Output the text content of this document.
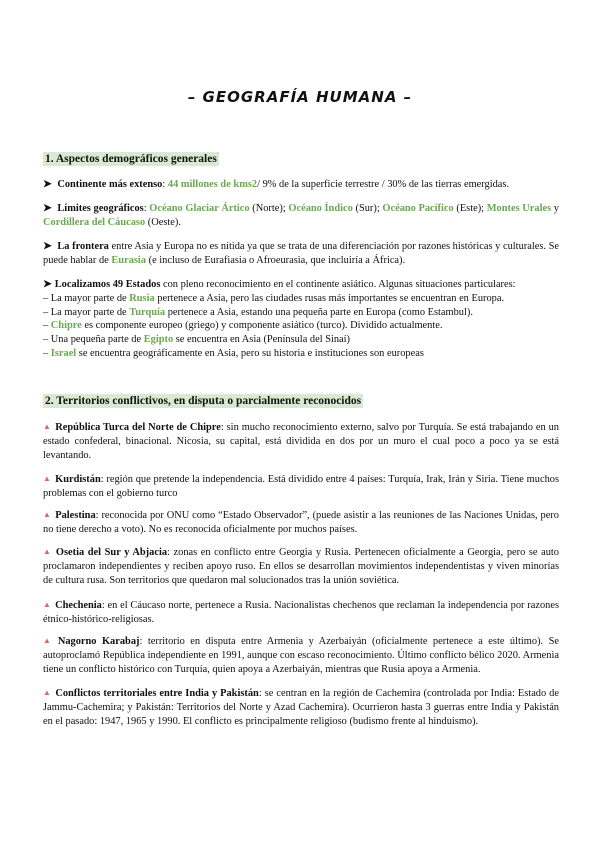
– GEOGRAFÍA HUMANA –
1. Aspectos demográficos generales

➤ Continente más extenso: 44 millones de kms2/ 9% de la superficie terrestre / 30% de las tierras emergidas.

➤ Límites geográficos: Océano Glaciar Ártico (Norte); Océano Índico (Sur); Océano Pacífico (Este); Montes Urales y Cordillera del Cáucaso (Oeste).

➤ La frontera entre Asia y Europa no es nítida ya que se trata de una diferenciación por razones históricas y culturales. Se puede hablar de Eurasia (e incluso de Eurafiasia o Afroeurasia, que incluiría a África).

➤ Localizamos 49 Estados con pleno reconocimiento en el continente asiático. Algunas situaciones particulares:
– La mayor parte de Rusia pertenece a Asia, pero las ciudades rusas más importantes se encuentran en Europa.
– La mayor parte de Turquía pertenece a Asia, estando una pequeña parte en Europa (como Estambul).
– Chipre es componente europeo (griego) y componente asiático (turco). Dividido actualmente.
– Una pequeña parte de Egipto se encuentra en Asia (Península del Sinaí)
– Israel se encuentra geográficamente en Asia, pero su historia e instituciones son europeas
2. Territorios conflictivos, en disputa o parcialmente reconocidos

▲ República Turca del Norte de Chipre: sin mucho reconocimiento externo, salvo por Turquía. Se está trabajando en un estado confederal, binacional. Nicosia, su capital, está dividida en dos por un muro el cual poco a poco ya se está levantando.

▲ Kurdistán: región que pretende la independencia. Está dividido entre 4 países: Turquía, Irak, Irán y Siria. Tiene muchos problemas con el gobierno turco

▲ Palestina: reconocida por ONU como “Estado Observador”, (puede asistir a las reuniones de las Naciones Unidas, pero no tiene derecho a voto). No es reconocida oficialmente por muchos países.

▲ Osetia del Sur y Abjacia: zonas en conflicto entre Georgia y Rusia. Pertenecen oficialmente a Georgia, pero se auto proclamaron independientes y reciben apoyo ruso. En ellos se desarrollan movimientos independentistas y viven minorías de cultura rusa. Son territorios que quedaron mal solucionados tras la unión soviética.

▲ Chechenia: en el Cáucaso norte, pertenece a Rusia. Nacionalistas chechenos que reclaman la independencia por razones étnico-histórico-religiosas.

▲ Nagorno Karabaj: territorio en disputa entre Armenia y Azerbaiyán (oficialmente pertenece a este último). Se autoproclamó República independiente en 1991, aunque con escaso reconocimiento. Último conflicto bélico 2020. Armenia tiene un conflicto histórico con Turquía, quien apoya a Azerbaiyán, mientras que Rusia apoya a Armenia.

▲ Conflictos territoriales entre India y Pakistán: se centran en la región de Cachemira (controlada por India: Estado de Jammu-Cachemira; y Pakistán: Territorios del Norte y Azad Cachemira). Ocurrieron hasta 3 guerras entre India y Pakistán en el pasado: 1947, 1965 y 1990. El conflicto es principalmente religioso (budismo frente al hinduismo).
